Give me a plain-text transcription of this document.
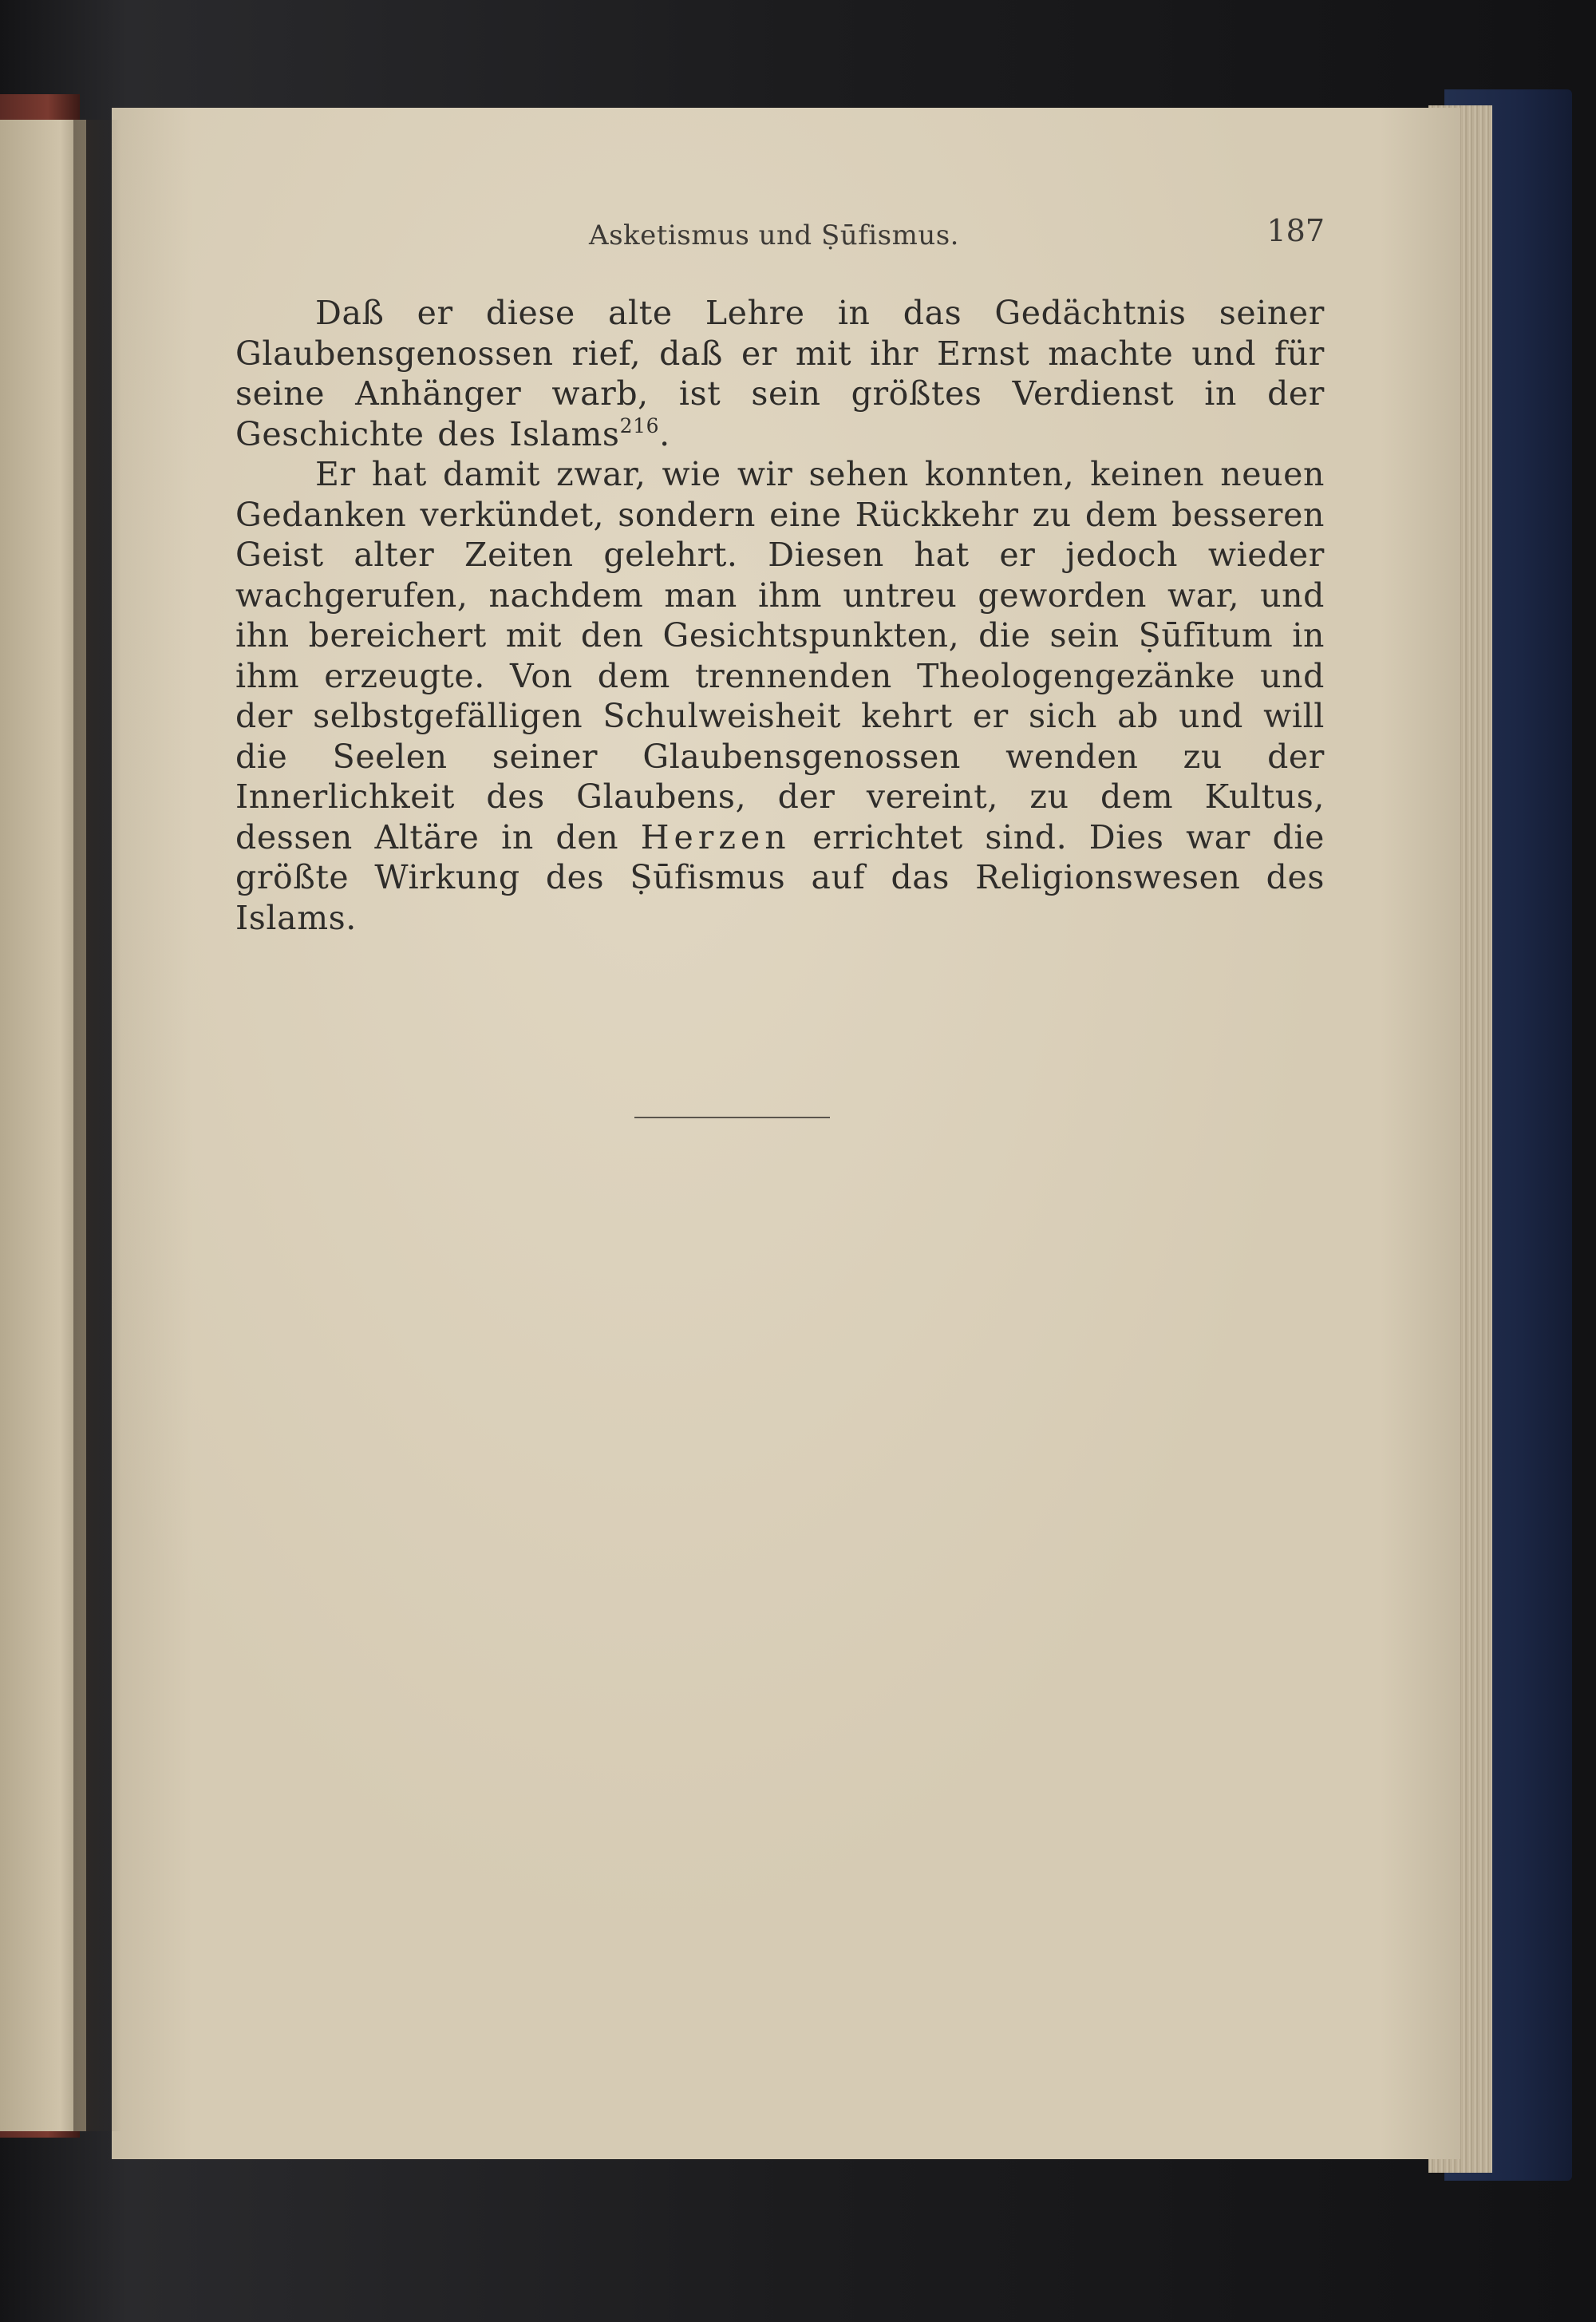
Asketismus und Ṣūfismus.	187

Daß er diese alte Lehre in das Gedächtnis seiner Glaubensgenossen rief, daß er mit ihr Ernst machte und für seine Anhänger warb, ist sein größtes Verdienst in der Geschichte des Islams$^{216}$.

Er hat damit zwar, wie wir sehen konnten, keinen neuen Gedanken verkündet, sondern eine Rückkehr zu dem besseren Geist alter Zeiten gelehrt. Diesen hat er jedoch wieder wachgerufen, nachdem man ihm untreu geworden war, und ihn bereichert mit den Gesichtspunkten, die sein Ṣūfītum in ihm erzeugte. Von dem trennenden Theologengezänke und der selbstgefälligen Schulweisheit kehrt er sich ab und will die Seelen seiner Glaubensgenossen wenden zu der Innerlichkeit des Glaubens, der vereint, zu dem Kultus, dessen Altäre in den Herzen errichtet sind. Dies war die größte Wirkung des Ṣūfismus auf das Religionswesen des Islams.
